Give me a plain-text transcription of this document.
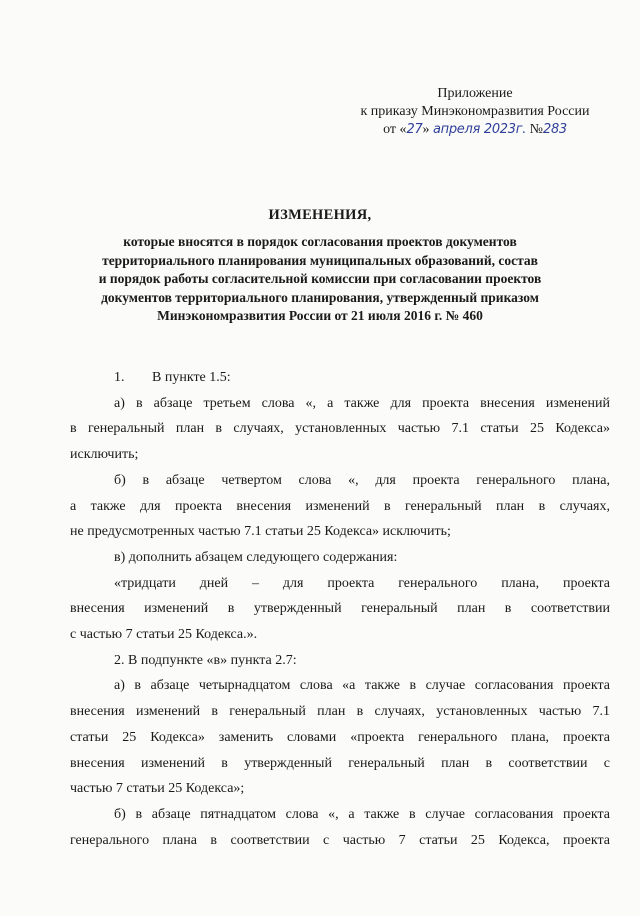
Приложение
к приказу Минэкономразвития России
от «27» апреля 2023г. №283
ИЗМЕНЕНИЯ,
которые вносятся в порядок согласования проектов документов
территориального планирования муниципальных образований, состав
и порядок работы согласительной комиссии при согласовании проектов
документов территориального планирования, утвержденный приказом
Минэкономразвития России от 21 июля 2016 г. № 460
1. В пункте 1.5:
а) в абзаце третьем слова «, а также для проекта внесения изменений
в генеральный план в случаях, установленных частью 7.1 статьи 25 Кодекса»
исключить;
б) в абзаце четвертом слова «, для проекта генерального плана,
а также для проекта внесения изменений в генеральный план в случаях,
не предусмотренных частью 7.1 статьи 25 Кодекса» исключить;
в) дополнить абзацем следующего содержания:
«тридцати дней – для проекта генерального плана, проекта
внесения изменений в утвержденный генеральный план в соответствии
с частью 7 статьи 25 Кодекса.».
2. В подпункте «в» пункта 2.7:
а) в абзаце четырнадцатом слова «а также в случае согласования проекта
внесения изменений в генеральный план в случаях, установленных частью 7.1
статьи 25 Кодекса» заменить словами «проекта генерального плана, проекта
внесения изменений в утвержденный генеральный план в соответствии с
частью 7 статьи 25 Кодекса»;
б) в абзаце пятнадцатом слова «, а также в случае согласования проекта
генерального плана в соответствии с частью 7 статьи 25 Кодекса, проекта
